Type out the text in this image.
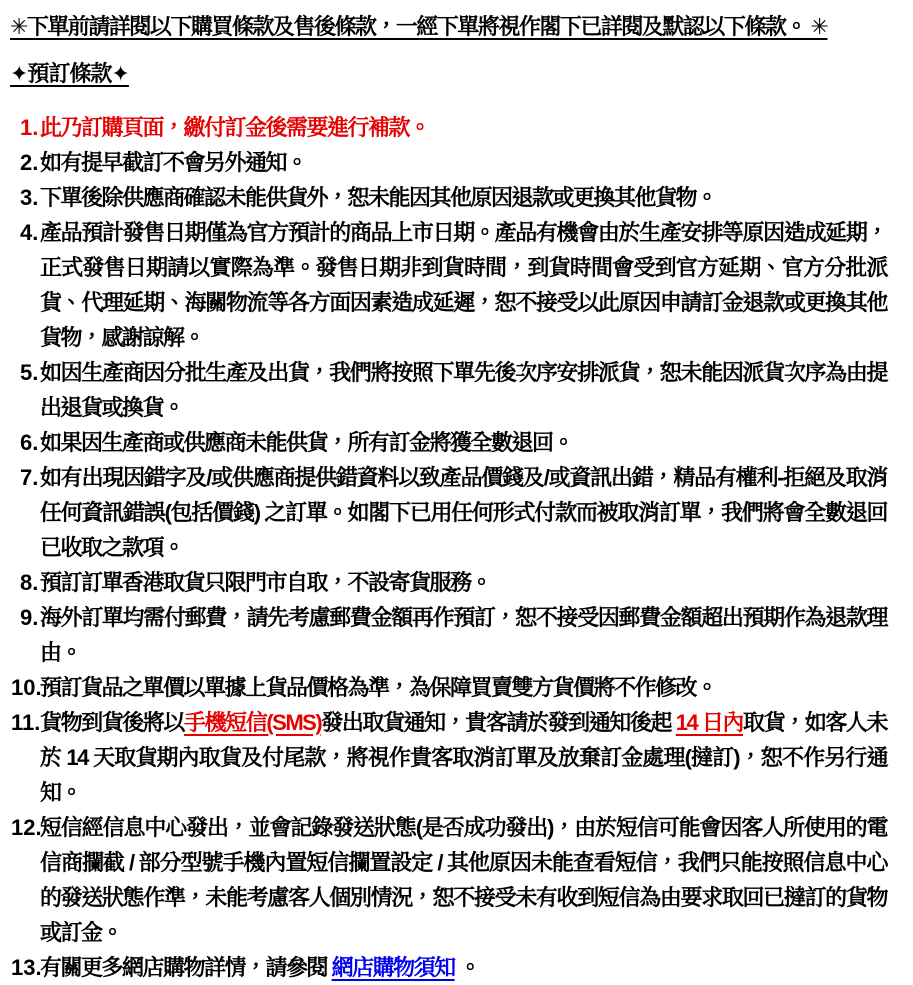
✳︎下單前請詳閱以下購買條款及售後條款，一經下單將視作閣下已詳閱及默認以下條款。 ✳︎
✦預訂條款✦
1. 此乃訂購頁面，繳付訂金後需要進行補款。
2. 如有提早截訂不會另外通知。
3. 下單後除供應商確認未能供貨外，恕未能因其他原因退款或更換其他貨物。
4. 產品預計發售日期僅為官方預計的商品上市日期。產品有機會由於生產安排等原因造成延期，正式發售日期請以實際為準。發售日期非到貨時間，到貨時間會受到官方延期、官方分批派貨、代理延期、海關物流等各方面因素造成延遲，恕不接受以此原因申請訂金退款或更換其他貨物，感謝諒解。
5. 如因生產商因分批生產及出貨，我們將按照下單先後次序安排派貨，恕未能因派貨次序為由提出退貨或換貨。
6. 如果因生產商或供應商未能供貨，所有訂金將獲全數退回。
7. 如有出現因錯字及/或供應商提供錯資料以致產品價錢及/或資訊出錯，精品有權利-拒絕及取消任何資訊錯誤(包括價錢) 之訂單。如閣下已用任何形式付款而被取消訂單，我們將會全數退回已收取之款項。
8. 預訂訂單香港取貨只限門市自取，不設寄貨服務。
9. 海外訂單均需付郵費，請先考慮郵費金額再作預訂，恕不接受因郵費金額超出預期作為退款理由。
10.
預訂貨品之單價以單據上貨品價格為準，為保障買賣雙方貨價將不作修改。
11. 貨物到貨後將以手機短信(SMS)發出取貨通知，貴客請於發到通知後起 14 日內取貨，如客人未於 14 天取貨期內取貨及付尾款，將視作貴客取消訂單及放棄訂金處理(撻訂)，恕不作另行通知。
12.
短信經信息中心發出，並會記錄發送狀態(是否成功發出)，由於短信可能會因客人所使用的電信商攔截 / 部分型號手機內置短信攔置設定 / 其他原因未能查看短信，我們只能按照信息中心的發送狀態作準，未能考慮客人個別情況，恕不接受未有收到短信為由要求取回已撻訂的貨物或訂金。
13.
有關更多網店購物詳情，請參閱 網店購物須知 。
